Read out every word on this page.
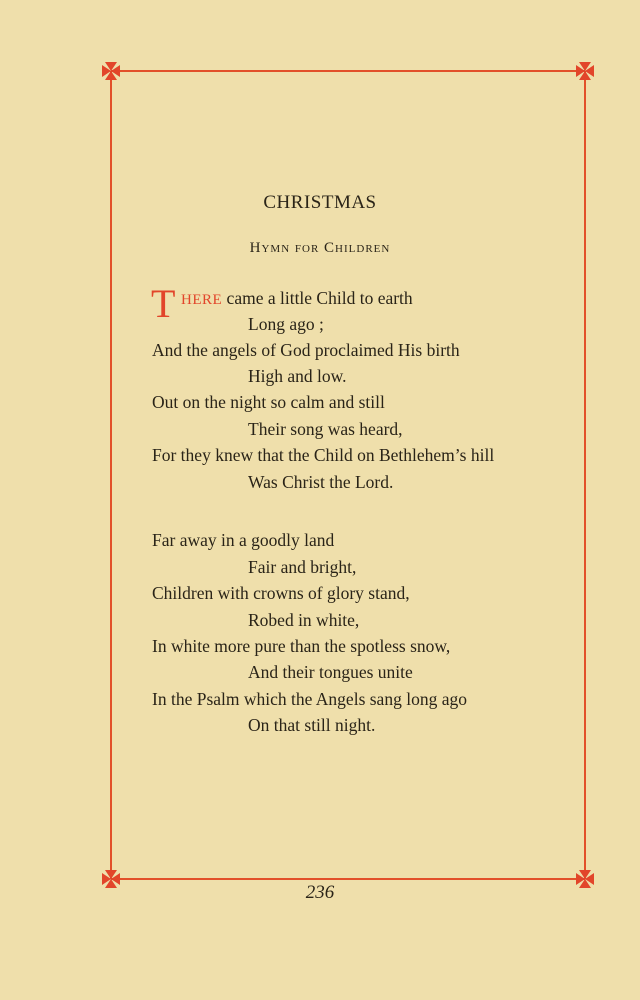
CHRISTMAS
Hymn for Children
T HERE came a little Child to earth
Long ago ;
And the angels of God proclaimed His birth
High and low.
Out on the night so calm and still
Their song was heard,
For they knew that the Child on Bethlehem’s hill
Was Christ the Lord.
Far away in a goodly land
Fair and bright,
Children with crowns of glory stand,
Robed in white,
In white more pure than the spotless snow,
And their tongues unite
In the Psalm which the Angels sang long ago
On that still night.
236
